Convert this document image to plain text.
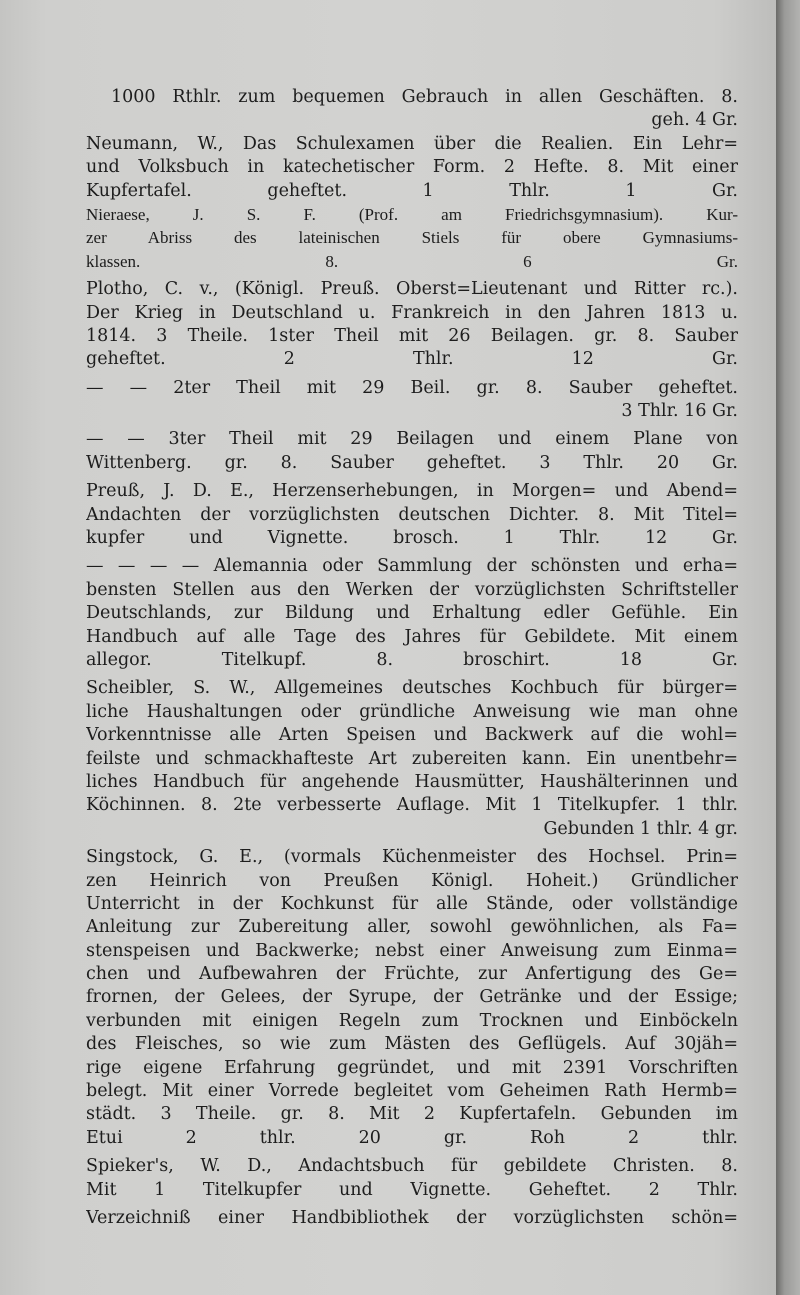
1000 Rthlr. zum bequemen Gebrauch in allen Geschäften. 8.
geh. 4 Gr.
Neumann, W., Das Schulexamen über die Realien. Ein Lehr=
und Volksbuch in katechetischer Form. 2 Hefte. 8. Mit einer
Kupfertafel. geheftet. 1 Thlr. 1 Gr.
Nieraese, J. S. F. (Prof. am Friedrichsgymnasium). Kur-
zer Abriss des lateinischen Stiels für obere Gymnasiums-
klassen. 8. 6 Gr.
Plotho, C. v., (Königl. Preuß. Oberst=Lieutenant und Ritter rc.).
Der Krieg in Deutschland u. Frankreich in den Jahren 1813 u.
1814. 3 Theile. 1ster Theil mit 26 Beilagen. gr. 8. Sauber
geheftet. 2 Thlr. 12 Gr.
— — 2ter Theil mit 29 Beil. gr. 8. Sauber geheftet.
3 Thlr. 16 Gr.
— — 3ter Theil mit 29 Beilagen und einem Plane von
Wittenberg. gr. 8. Sauber geheftet. 3 Thlr. 20 Gr.
Preuß, J. D. E., Herzenserhebungen, in Morgen= und Abend=
Andachten der vorzüglichsten deutschen Dichter. 8. Mit Titel=
kupfer und Vignette. brosch. 1 Thlr. 12 Gr.
— — — — Alemannia oder Sammlung der schönsten und erha=
bensten Stellen aus den Werken der vorzüglichsten Schriftsteller
Deutschlands, zur Bildung und Erhaltung edler Gefühle. Ein
Handbuch auf alle Tage des Jahres für Gebildete. Mit einem
allegor. Titelkupf. 8. broschirt. 18 Gr.
Scheibler, S. W., Allgemeines deutsches Kochbuch für bürger=
liche Haushaltungen oder gründliche Anweisung wie man ohne
Vorkenntnisse alle Arten Speisen und Backwerk auf die wohl=
feilste und schmackhafteste Art zubereiten kann. Ein unentbehr=
liches Handbuch für angehende Hausmütter, Haushälterinnen und
Köchinnen. 8. 2te verbesserte Auflage. Mit 1 Titelkupfer. 1 thlr.
Gebunden 1 thlr. 4 gr.
Singstock, G. E., (vormals Küchenmeister des Hochsel. Prin=
zen Heinrich von Preußen Königl. Hoheit.) Gründlicher
Unterricht in der Kochkunst für alle Stände, oder vollständige
Anleitung zur Zubereitung aller, sowohl gewöhnlichen, als Fa=
stenspeisen und Backwerke; nebst einer Anweisung zum Einma=
chen und Aufbewahren der Früchte, zur Anfertigung des Ge=
frornen, der Gelees, der Syrupe, der Getränke und der Essige;
verbunden mit einigen Regeln zum Trocknen und Einböckeln
des Fleisches, so wie zum Mästen des Geflügels. Auf 30jäh=
rige eigene Erfahrung gegründet, und mit 2391 Vorschriften
belegt. Mit einer Vorrede begleitet vom Geheimen Rath Hermb=
städt. 3 Theile. gr. 8. Mit 2 Kupfertafeln. Gebunden im
Etui 2 thlr. 20 gr. Roh 2 thlr.
Spieker's, W. D., Andachtsbuch für gebildete Christen. 8.
Mit 1 Titelkupfer und Vignette. Geheftet. 2 Thlr.
Verzeichniß einer Handbibliothek der vorzüglichsten schön=
